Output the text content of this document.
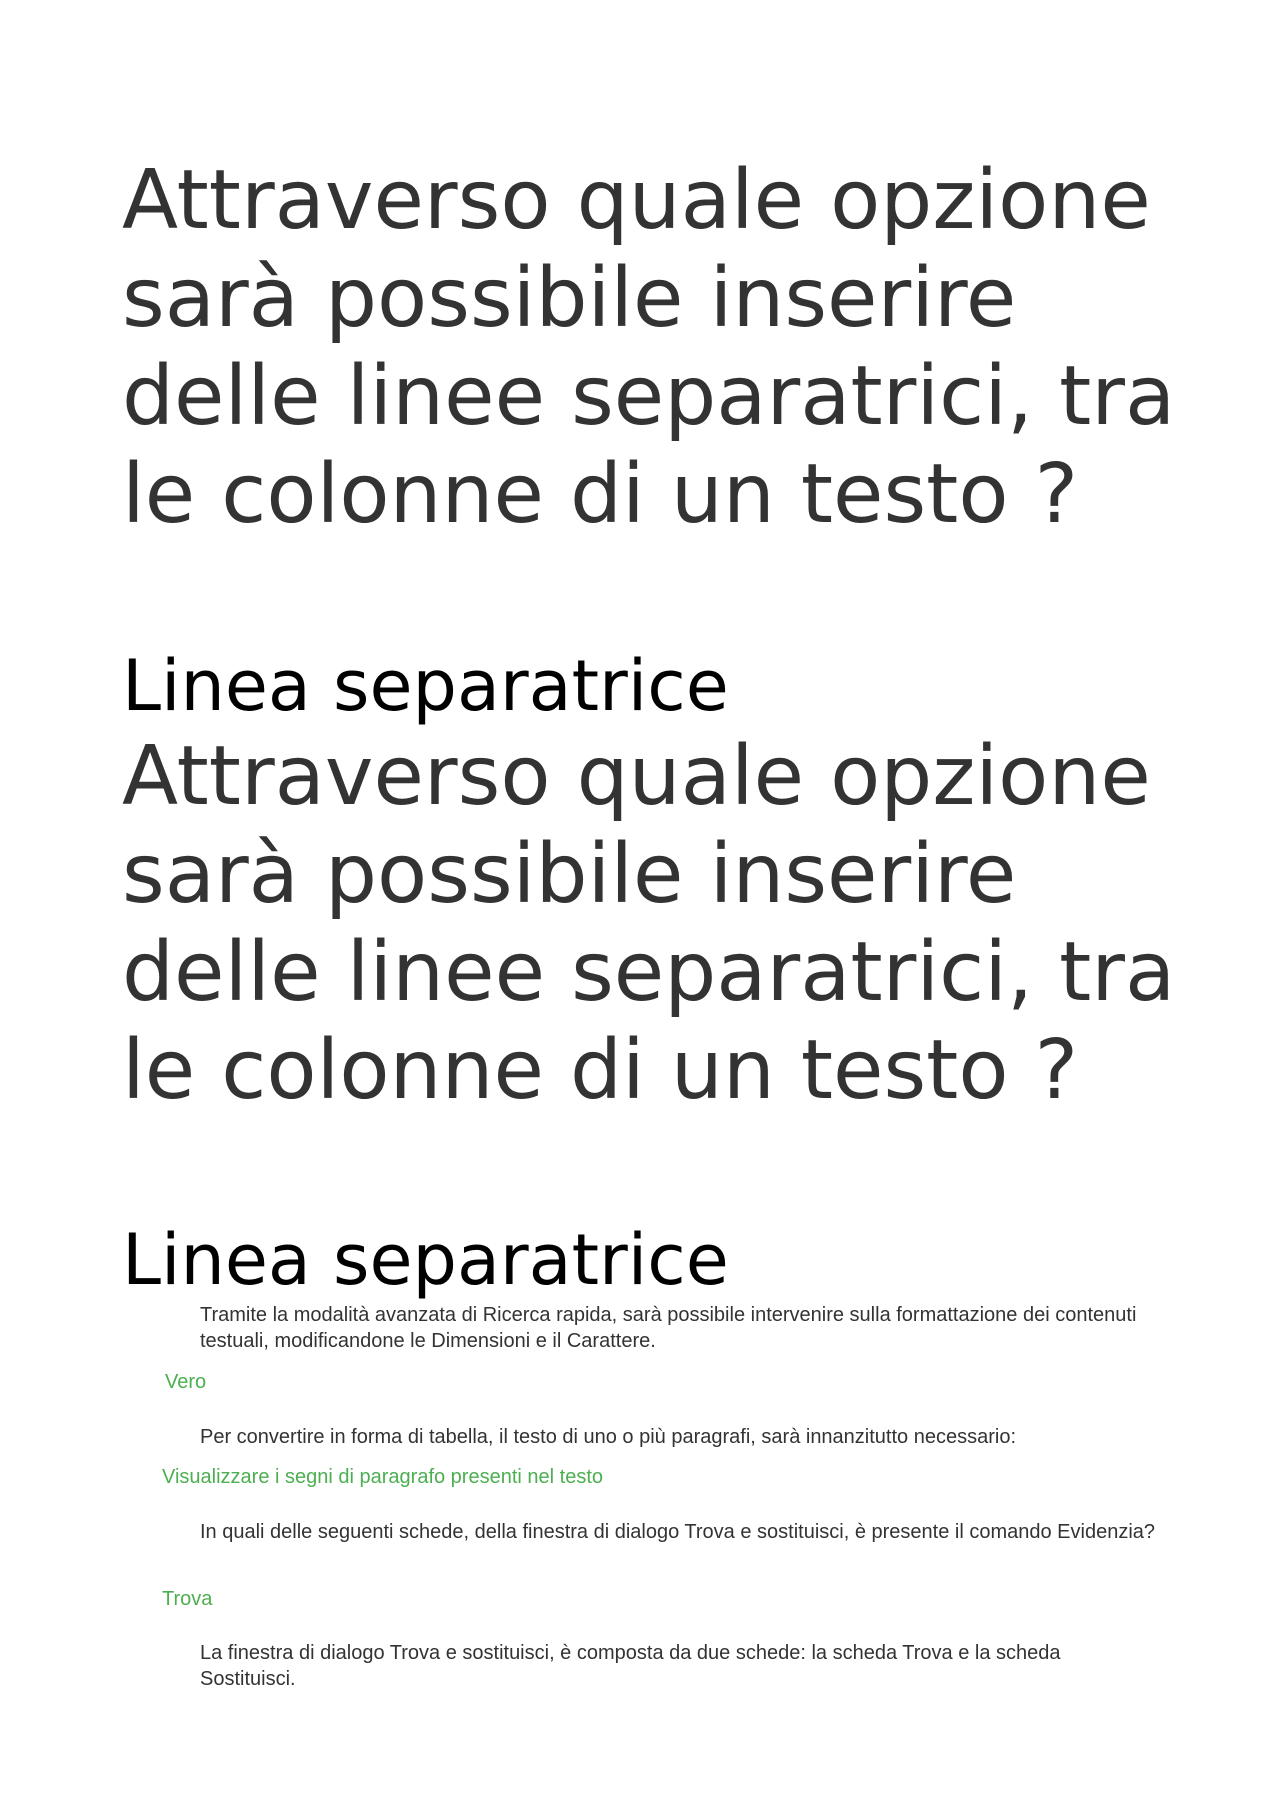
Attraverso quale opzione sarà possibile inserire delle linee separatrici, tra le colonne di un testo ?

Linea separatrice

Attraverso quale opzione sarà possibile inserire delle linee separatrici, tra le colonne di un testo ?

Linea separatrice

Tramite la modalità avanzata di Ricerca rapida, sarà possibile intervenire sulla formattazione dei contenuti testuali, modificandone le Dimensioni e il Carattere.

Vero

Per convertire in forma di tabella, il testo di uno o più paragrafi, sarà innanzitutto necessario:

Visualizzare i segni di paragrafo presenti nel testo

In quali delle seguenti schede, della finestra di dialogo Trova e sostituisci, è presente il comando Evidenzia?

Trova

La finestra di dialogo Trova e sostituisci, è composta da due schede: la scheda Trova e la scheda Sostituisci.
